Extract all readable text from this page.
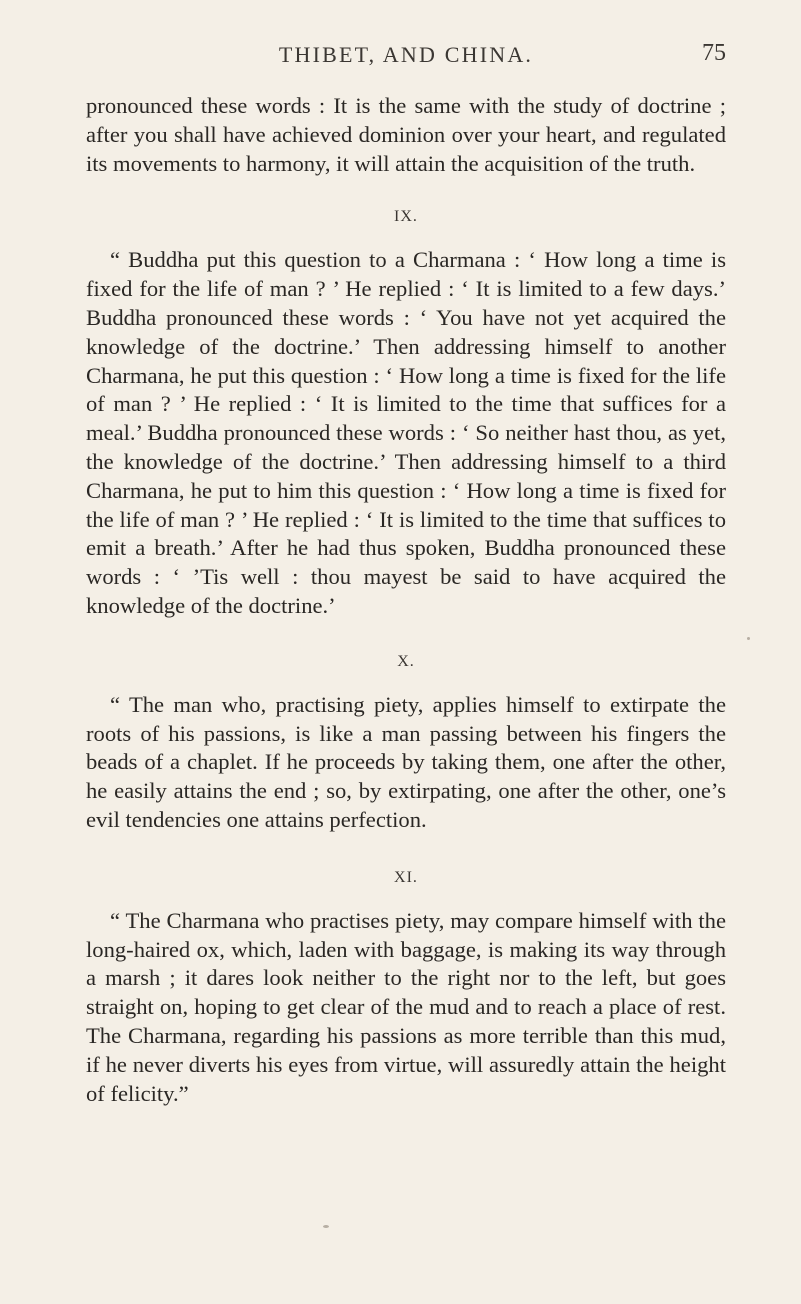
THIBET, AND CHINA.	75

pronounced these words : It is the same with the study of doctrine ; after you shall have achieved dominion over your heart, and regulated its movements to harmony, it will attain the acquisition of the truth.

IX.

“ Buddha put this question to a Charmana : ‘ How long a time is fixed for the life of man ? ’ He replied : ‘ It is limited to a few days.’ Buddha pronounced these words : ‘ You have not yet acquired the knowledge of the doctrine.’ Then addressing himself to another Charmana, he put this question : ‘ How long a time is fixed for the life of man ? ’ He replied : ‘ It is limited to the time that suffices for a meal.’ Buddha pronounced these words : ‘ So neither hast thou, as yet, the knowledge of the doctrine.’ Then addressing himself to a third Charmana, he put to him this question : ‘ How long a time is fixed for the life of man ? ’ He replied : ‘ It is limited to the time that suffices to emit a breath.’ After he had thus spoken, Buddha pronounced these words : ‘ ’Tis well : thou mayest be said to have acquired the knowledge of the doctrine.’

X.

“ The man who, practising piety, applies himself to extirpate the roots of his passions, is like a man passing between his fingers the beads of a chaplet. If he proceeds by taking them, one after the other, he easily attains the end ; so, by extirpating, one after the other, one’s evil tendencies one attains perfection.

XI.

“ The Charmana who practises piety, may compare himself with the long-haired ox, which, laden with baggage, is making its way through a marsh ; it dares look neither to the right nor to the left, but goes straight on, hoping to get clear of the mud and to reach a place of rest. The Charmana, regarding his passions as more terrible than this mud, if he never diverts his eyes from virtue, will assuredly attain the height of felicity.”
